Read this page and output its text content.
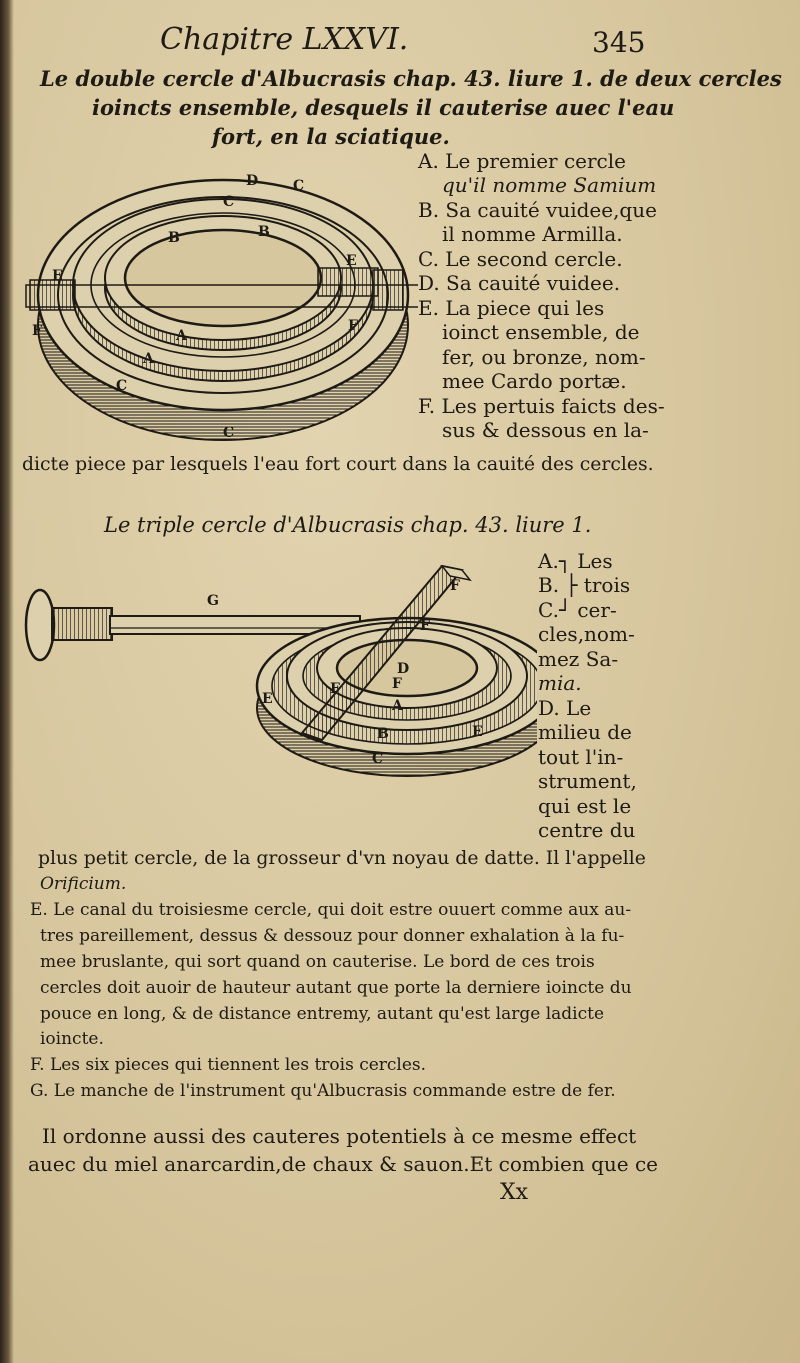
Chapitre LXXVI.	345
Le double cercle d'Albucrasis chap. 43. liure 1. de deux cercles
ioincts ensemble, desquels il cauterise auec l'eau
fort, en la sciatique.
D C
C
B
B
E
E
F
F	A
A
C
C
A. Le premier cercle
qu'il nomme Samium
B. Sa cauité vuidee,que
il nomme Armilla.
C. Le second cercle.
D. Sa cauité vuidee.
E. La piece qui les
ioinct ensemble, de
fer, ou bronze, nom-
mee Cardo portæ.
F. Les pertuis faicts des-
sus & dessous en la-
dicte piece par lesquels l'eau fort court dans la cauité des cercles.
Le triple cercle d'Albucrasis chap. 43. liure 1.
G
F
F
D
F
F
E	A
E
B
C
A.┐ Les
B. ├ trois
C.┘ cer-
cles,nom-
mez Sa-
mia.
D. Le
milieu de
tout l'in-
strument,
qui est le
centre du
plus petit cercle, de la grosseur d'vn noyau de datte. Il l'appelle
Orificium.
E. Le canal du troisiesme cercle, qui doit estre ouuert comme aux au-
tres pareillement, dessus & dessouz pour donner exhalation à la fu-
mee bruslante, qui sort quand on cauterise. Le bord de ces trois
cercles doit auoir de hauteur autant que porte la derniere ioincte du
pouce en long, & de distance entremy, autant qu'est large ladicte
ioincte.
F. Les six pieces qui tiennent les trois cercles.
G. Le manche de l'instrument qu'Albucrasis commande estre de fer.
Il ordonne aussi des cauteres potentiels à ce mesme effect
auec du miel anarcardin,de chaux & sauon.Et combien que ce
Xx
